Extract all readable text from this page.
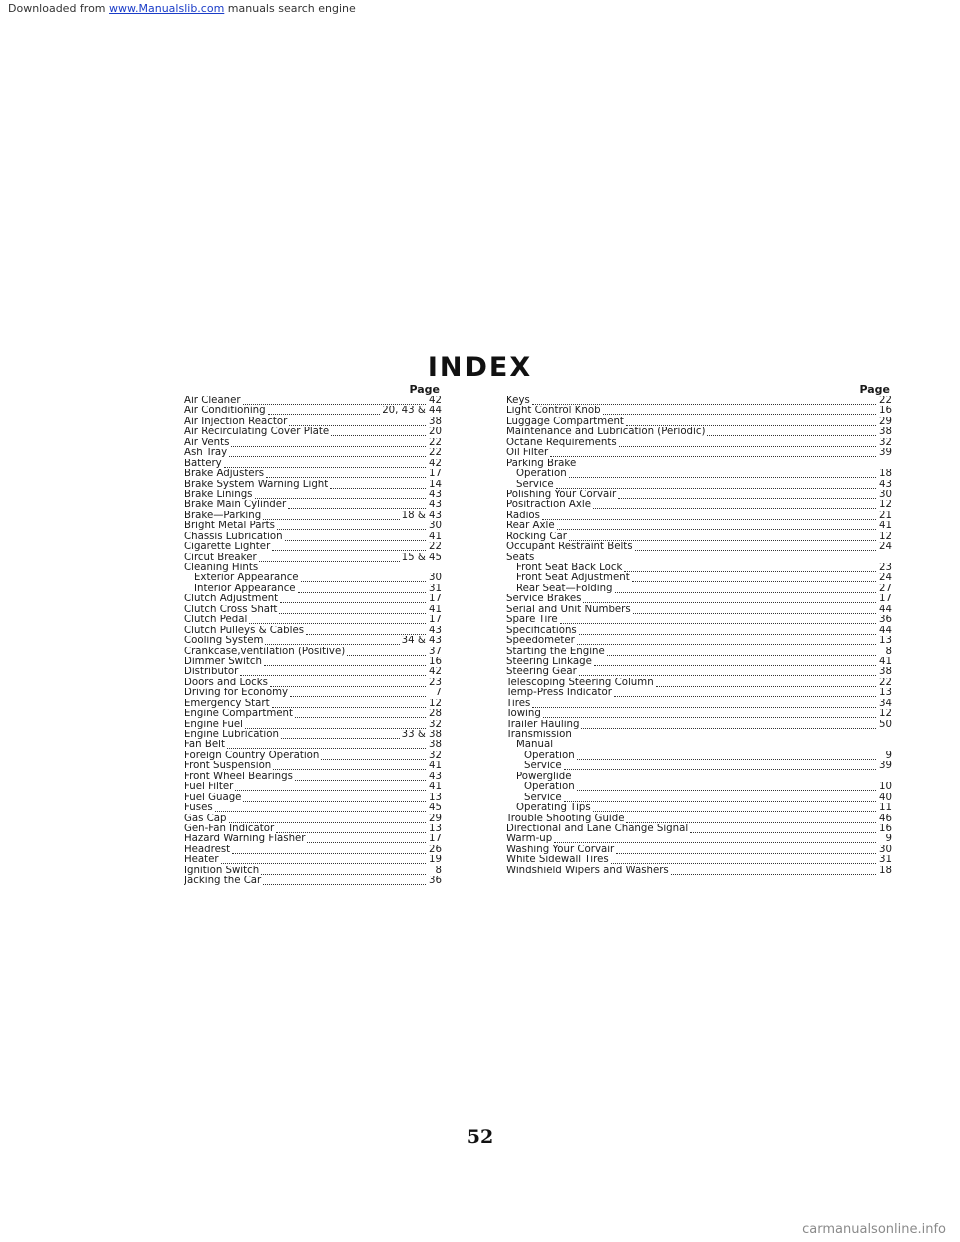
Downloaded from www.Manualslib.com manuals search engine
INDEX
Page
Air Cleaner	42
Air Conditioning	20, 43 & 44
Air Injection Reactor	38
Air Recirculating Cover Plate	20
Air Vents	22
Ash Tray	22
Battery	42
Brake Adjusters	17
Brake System Warning Light	14
Brake Linings	43
Brake Main Cylinder	43
Brake—Parking	18 & 43
Bright Metal Parts	30
Chassis Lubrication	41
Cigarette Lighter	22
Circut Breaker	15 & 45
Cleaning Hints
Exterior Appearance	30
Interior Appearance	31
Clutch Adjustment	17
Clutch Cross Shaft	41
Clutch Pedal	17
Clutch Pulleys & Cables	43
Cooling System	34 & 43
Crankcase,ventilation (Positive)	37
Dimmer Switch	16
Distributor	42
Doors and Locks	23
Driving for Economy	7
Emergency Start	12
Engine Compartment	28
Engine Fuel	32
Engine Lubrication	33 & 38
Fan Belt	38
Foreign Country Operation	32
Front Suspension	41
Front Wheel Bearings	43
Fuel Filter	41
Fuel Guage	13
Fuses	45
Gas Cap	29
Gen-Fan Indicator	13
Hazard Warning Flasher	17
Headrest	26
Heater	19
Ignition Switch	8
Jacking the Car	36
Page
Keys	22
Light Control Knob	16
Luggage Compartment	29
Maintenance and Lubrication (Periodic)	38
Octane Requirements	32
Oil Filter	39
Parking Brake
Operation	18
Service	43
Polishing Your Corvair	30
Positraction Axle	12
Radios	21
Rear Axle	41
Rocking Car	12
Occupant Restraint Belts	24
Seats
Front Seat Back Lock	23
Front Seat Adjustment	24
Rear Seat—Folding	27
Service Brakes	17
Serial and Unit Numbers	44
Spare Tire	36
Specifications	44
Speedometer	13
Starting the Engine	8
Steering Linkage	41
Steering Gear	38
Telescoping Steering Column	22
Temp-Press Indicator	13
Tires	34
Towing	12
Trailer Hauling	50
Transmission
Manual
Operation	9
Service	39
Powerglide
Operation	10
Service	40
Operating Tips	11
Trouble Shooting Guide	46
Directional and Lane Change Signal	16
Warm-up	9
Washing Your Corvair	30
White Sidewall Tires	31
Windshield Wipers and Washers	18
52
carmanualsonline.info
